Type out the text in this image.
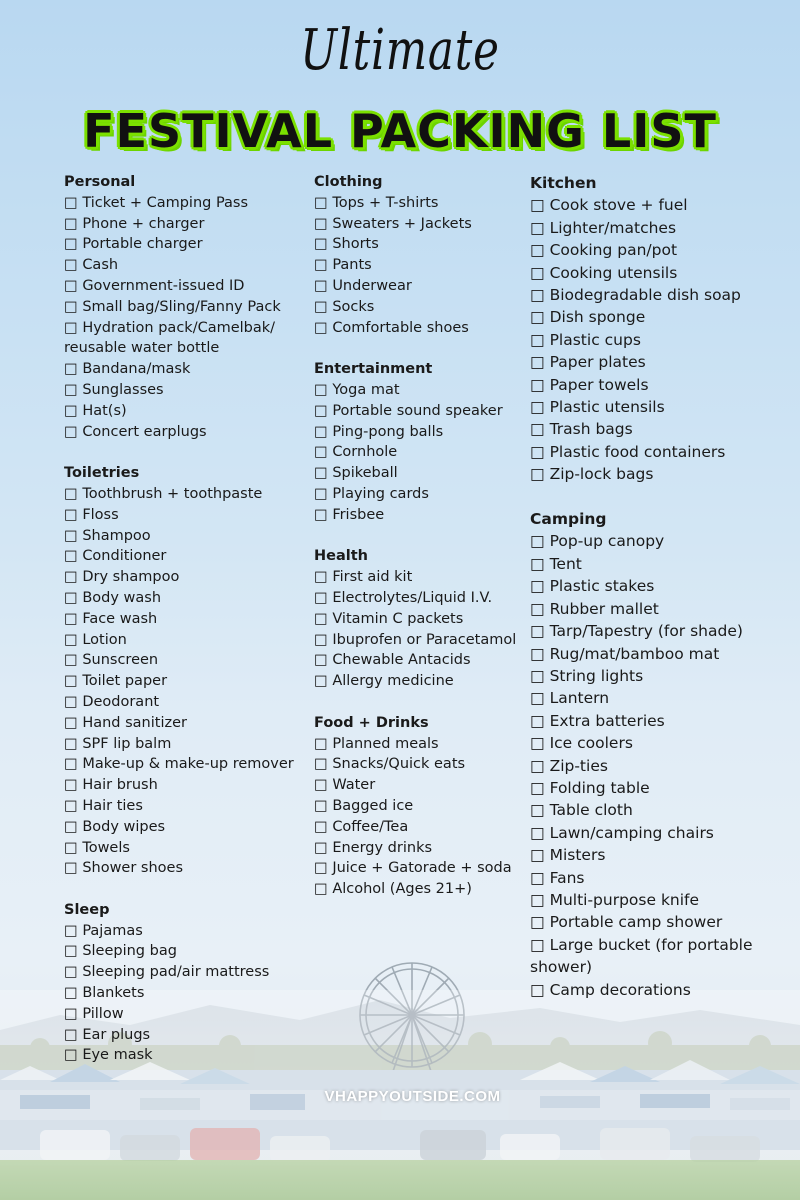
Ultimate
FESTIVAL PACKING LIST
Personal
□ Ticket + Camping Pass
□ Phone + charger
□ Portable charger
□ Cash
□ Government-issued ID
□ Small bag/Sling/Fanny Pack
□ Hydration pack/Camelbak/ reusable water bottle
□ Bandana/mask
□ Sunglasses
□ Hat(s)
□ Concert earplugs
Toiletries
□ Toothbrush + toothpaste
□ Floss
□ Shampoo
□ Conditioner
□ Dry shampoo
□ Body wash
□ Face wash
□ Lotion
□ Sunscreen
□ Toilet paper
□ Deodorant
□ Hand sanitizer
□ SPF lip balm
□ Make-up & make-up remover
□ Hair brush
□ Hair ties
□ Body wipes
□ Towels
□ Shower shoes
Sleep
□ Pajamas
□ Sleeping bag
□ Sleeping pad/air mattress
□ Blankets
□ Pillow
□ Ear plugs
□ Eye mask
Clothing
□ Tops + T-shirts
□ Sweaters + Jackets
□ Shorts
□ Pants
□ Underwear
□ Socks
□ Comfortable shoes
Entertainment
□ Yoga mat
□ Portable sound speaker
□ Ping-pong balls
□ Cornhole
□ Spikeball
□ Playing cards
□ Frisbee
Health
□ First aid kit
□ Electrolytes/Liquid I.V.
□ Vitamin C packets
□ Ibuprofen or Paracetamol
□ Chewable Antacids
□ Allergy medicine
Food + Drinks
□ Planned meals
□ Snacks/Quick eats
□ Water
□ Bagged ice
□ Coffee/Tea
□ Energy drinks
□ Juice + Gatorade + soda
□ Alcohol (Ages 21+)
Kitchen
□ Cook stove + fuel
□ Lighter/matches
□ Cooking pan/pot
□ Cooking utensils
□ Biodegradable dish soap
□ Dish sponge
□ Plastic cups
□ Paper plates
□ Paper towels
□ Plastic utensils
□ Trash bags
□ Plastic food containers
□ Zip-lock bags
Camping
□ Pop-up canopy
□ Tent
□ Plastic stakes
□ Rubber mallet
□ Tarp/Tapestry (for shade)
□ Rug/mat/bamboo mat
□ String lights
□ Lantern
□ Extra batteries
□ Ice coolers
□ Zip-ties
□ Folding table
□ Table cloth
□ Lawn/camping chairs
□ Misters
□ Fans
□ Multi-purpose knife
□ Portable camp shower
□ Large bucket (for portable shower)
□ Camp decorations
VHAPPYOUTSIDE.COM
